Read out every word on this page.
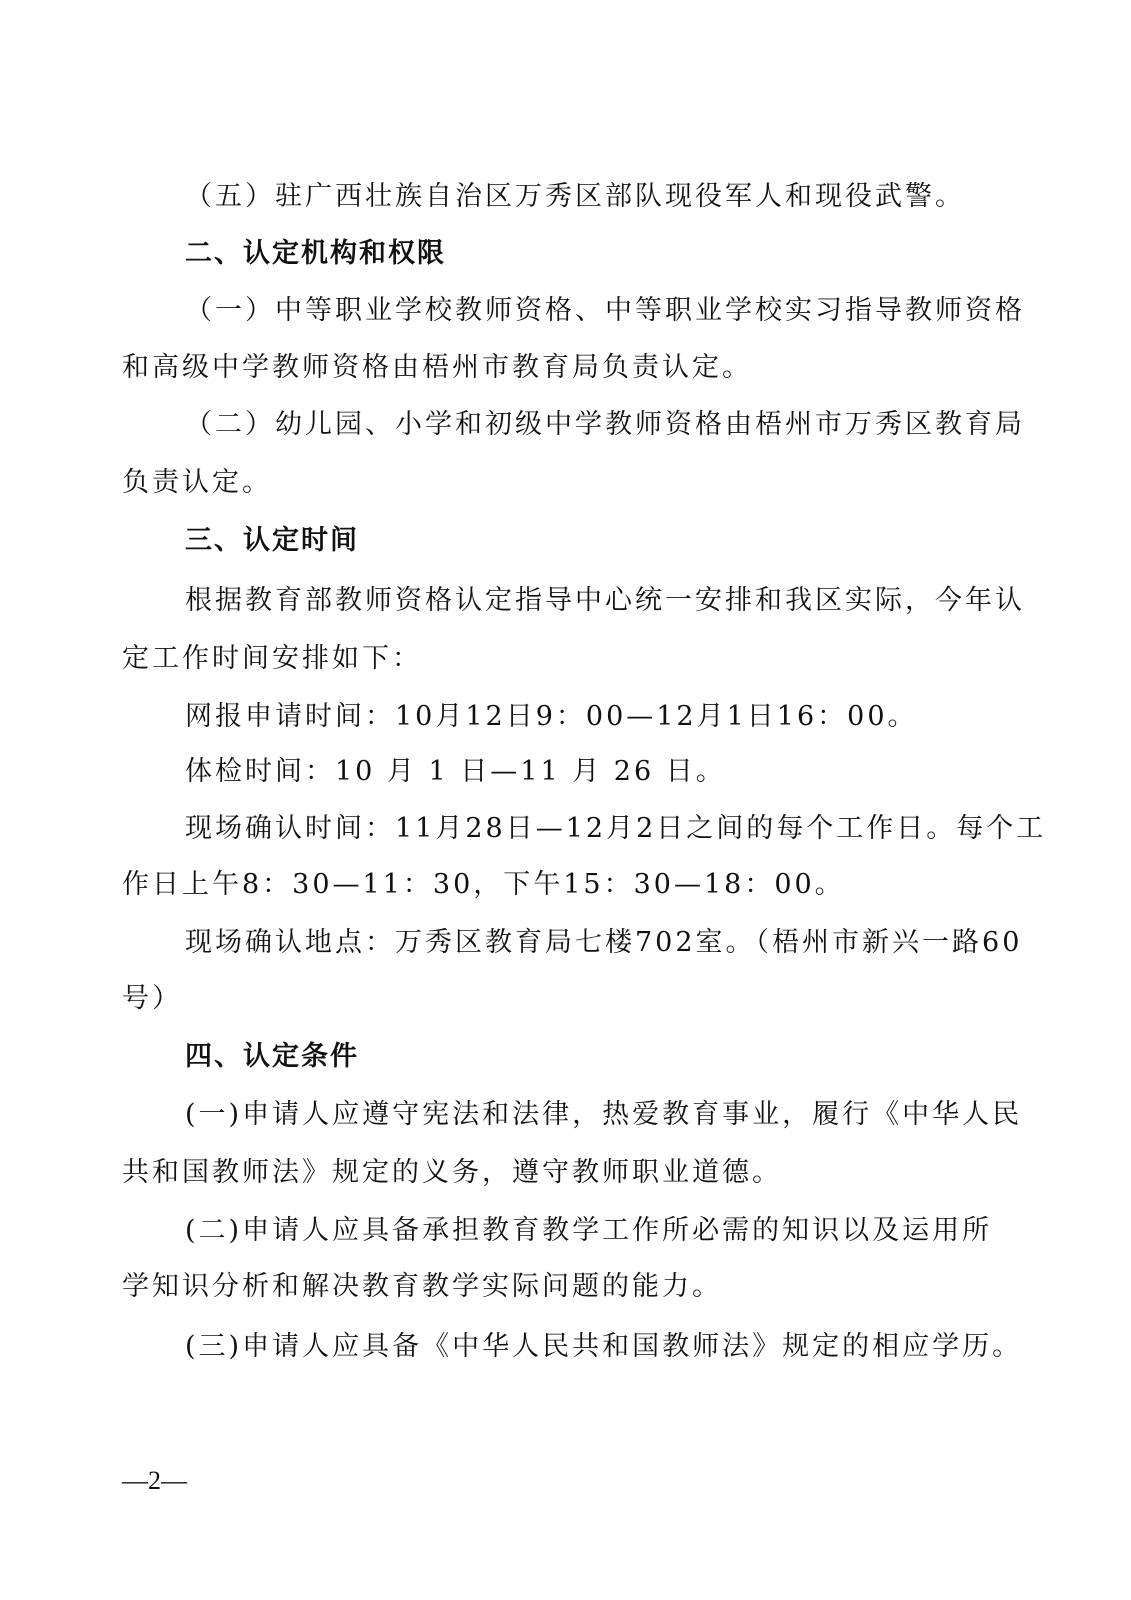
（五）驻广西壮族自治区万秀区部队现役军人和现役武警。
二、认定机构和权限
（一）中等职业学校教师资格、中等职业学校实习指导教师资格
和高级中学教师资格由梧州市教育局负责认定。
（二）幼儿园、小学和初级中学教师资格由梧州市万秀区教育局
负责认定。
三、认定时间
根据教育部教师资格认定指导中心统一安排和我区实际，今年认
定工作时间安排如下：
网报申请时间：10月12日9：00—12月1日16：00。
体检时间：10 月 1 日—11 月 26 日。
现场确认时间：11月28日—12月2日之间的每个工作日。每个工
作日上午8：30—11：30，下午15：30—18：00。
现场确认地点：万秀区教育局七楼702室。（梧州市新兴一路60
号）
四、认定条件
(一)申请人应遵守宪法和法律，热爱教育事业，履行《中华人民
共和国教师法》规定的义务，遵守教师职业道德。
(二)申请人应具备承担教育教学工作所必需的知识以及运用所
学知识分析和解决教育教学实际问题的能力。
(三)申请人应具备《中华人民共和国教师法》规定的相应学历。
—2—
